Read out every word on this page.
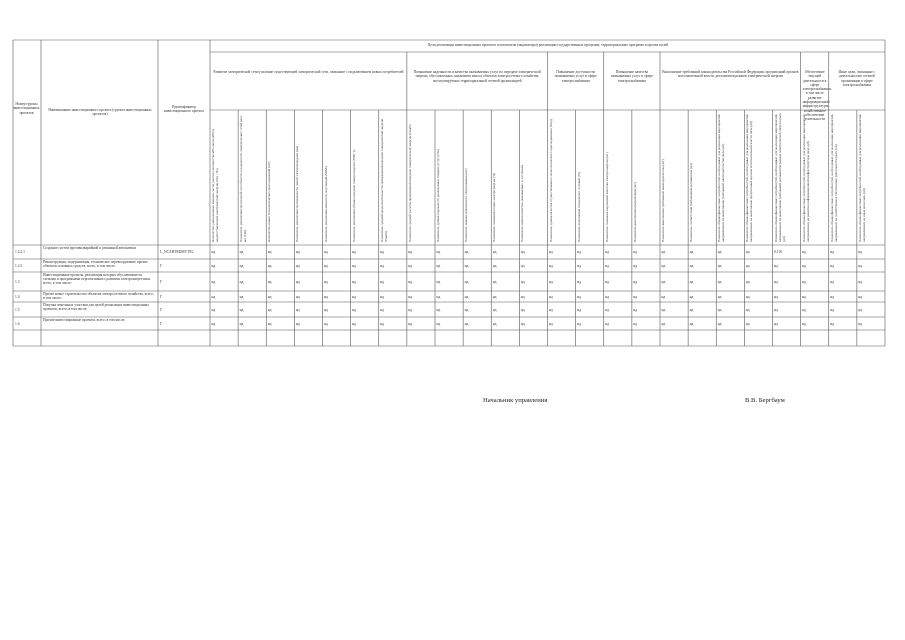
Номер группы инвестиционных проектов
Наименование инвестиционного проекта (группы инвестиционных проектов)
Идентификатор инвестиционного проекта
Цели реализации инвестиционных проектов и показатели (индикаторы) реализации государственных программ, территориальных программ и прочих целей
Развитие электрической сети/усиление существующей электрической сети, связанное с подключением новых потребителей	Повышение надежности и качества оказываемых услуг по передаче электрической энергии, обусловленных снижением износа объектов электросетевого хозяйства, эксплуатируемых территориальной сетевой организацией
Повышение доступности оказываемых услуг в сфере электроснабжения
Повышение качества оказываемых услуг в сфере электроснабжения
Выполнение требований законодательства Российской Федерации, предписаний органов исполнительной власти, регламентов рынков электрической энергии
Обеспечение текущей деятельности в сфере электроснабжения, в том числе развитие информационной инфраструктуры, хозяйственное обеспечение деятельности
Иные цели, связанные с деятельностью сетевой организации в сфере электроснабжения
Количество уменьшенных машино-часов (часов) и количество кВт-часов (кВтч) недопоставленной электрической энергии (Пщ / Пэ)	Показатель увеличения пропускной способности и надежности электрических сетей (кол-во) (Пщ)	Количество новых технологических присоединений (шт)	Показатель увеличения протяженности линий электропередачи (км)	Показатель увеличения мощности подстанций (МВА)	Показатель увеличения объема передачи электроэнергии (МВт·ч)	Показатель средней продолжительности прекращений передачи электрической энергии (Пsaidi)	Показатель средней частоты прекращений передачи электрической энергии (Пsaifi)	Показатель уровня надежности реализуемых товаров (услуг) (Пн)	Показатель замены изношенного оборудования (шт)	Показатель снижения потерь электроэнергии (%)	Показатель оценки качества оказываемых услуг (Ккач)	Показатель уровня качества осуществляемого технологического присоединения (Птпр)	Показатель исполнения технических условий (%)	Показатель снижения нарушений качества электроэнергии (шт)	Показатель выполнения предписаний (шт)	Показатель выполнения требований законодательства (шт)	Показатель соответствия требованиям регламентов (шт)	Показатель объема финансовых потребностей, необходимых для реализации мероприятий, направленных на выполнение требований законодательства (млн руб)	Показатель объема финансовых потребностей, необходимых для реализации мероприятий, направленных на выполнение предписаний органов исполнительной власти (млн руб)	Показатель объема финансовых потребностей, необходимых для реализации мероприятий, направленных на выполнение требований регламентов рынков электрической энергии (млн руб)	Показатель объема финансовых потребностей, необходимых для реализации мероприятий, направленных на развитие информационной инфраструктуры (млн руб)	Показатель объема финансовых потребностей, необходимых для реализации мероприятий, направленных на хозяйственное обеспечение деятельности (млн руб)	Показатель объема финансовых потребностей, необходимых для реализации мероприятий, направленных на иные цели (млн руб)
1.2.2.1
Создание систем противоаварийной и режимной автоматики
L_NCAHTRDMVTEL	нд	нд	нд	нд	нд	нд	нд	нд	нд	нд	нд	нд	нд	нд	нд	нд	нд	нд	нд	нд	0,116	нд	нд	нд
1.2.3
Реконструкция, модернизация, техническое перевооружение прочих объектов основных средств, всего, в том числе:	Г	нд	нд	нд	нд	нд	нд	нд	нд	нд	нд	нд	нд	нд	нд	нд	нд	нд	нд	нд	нд	нд	нд	нд	нд
1.3
Инвестиционные проекты, реализация которых обуславливается схемами и программами перспективного развития электроэнергетики, всего, в том числе:	Г	нд	нд	нд	нд	нд	нд	нд	нд	нд	нд	нд	нд	нд	нд	нд	нд	нд	нд	нд	нд	нд	нд	нд	нд
1.4
Прочее новое строительство объектов электросетевого хозяйства, всего, в том числе:	Г	нд	нд	нд	нд	нд	нд	нд	нд	нд	нд	нд	нд	нд	нд	нд	нд	нд	нд	нд	нд	нд	нд	нд	нд
1.5
Покупка земельных участков для целей реализации инвестиционных проектов, всего, в том числе:	Г	нд	нд	нд	нд	нд	нд	нд	нд	нд	нд	нд	нд	нд	нд	нд	нд	нд	нд	нд	нд	нд	нд	нд	нд
1.6
Прочие инвестиционные проекты, всего, в том числе:
Г	нд	нд	нд	нд	нд	нд	нд	нд	нд	нд	нд	нд	нд	нд	нд	нд	нд	нд	нд	нд	нд	нд	нд	нд
Начальник управления	В.В. Бергбаум
